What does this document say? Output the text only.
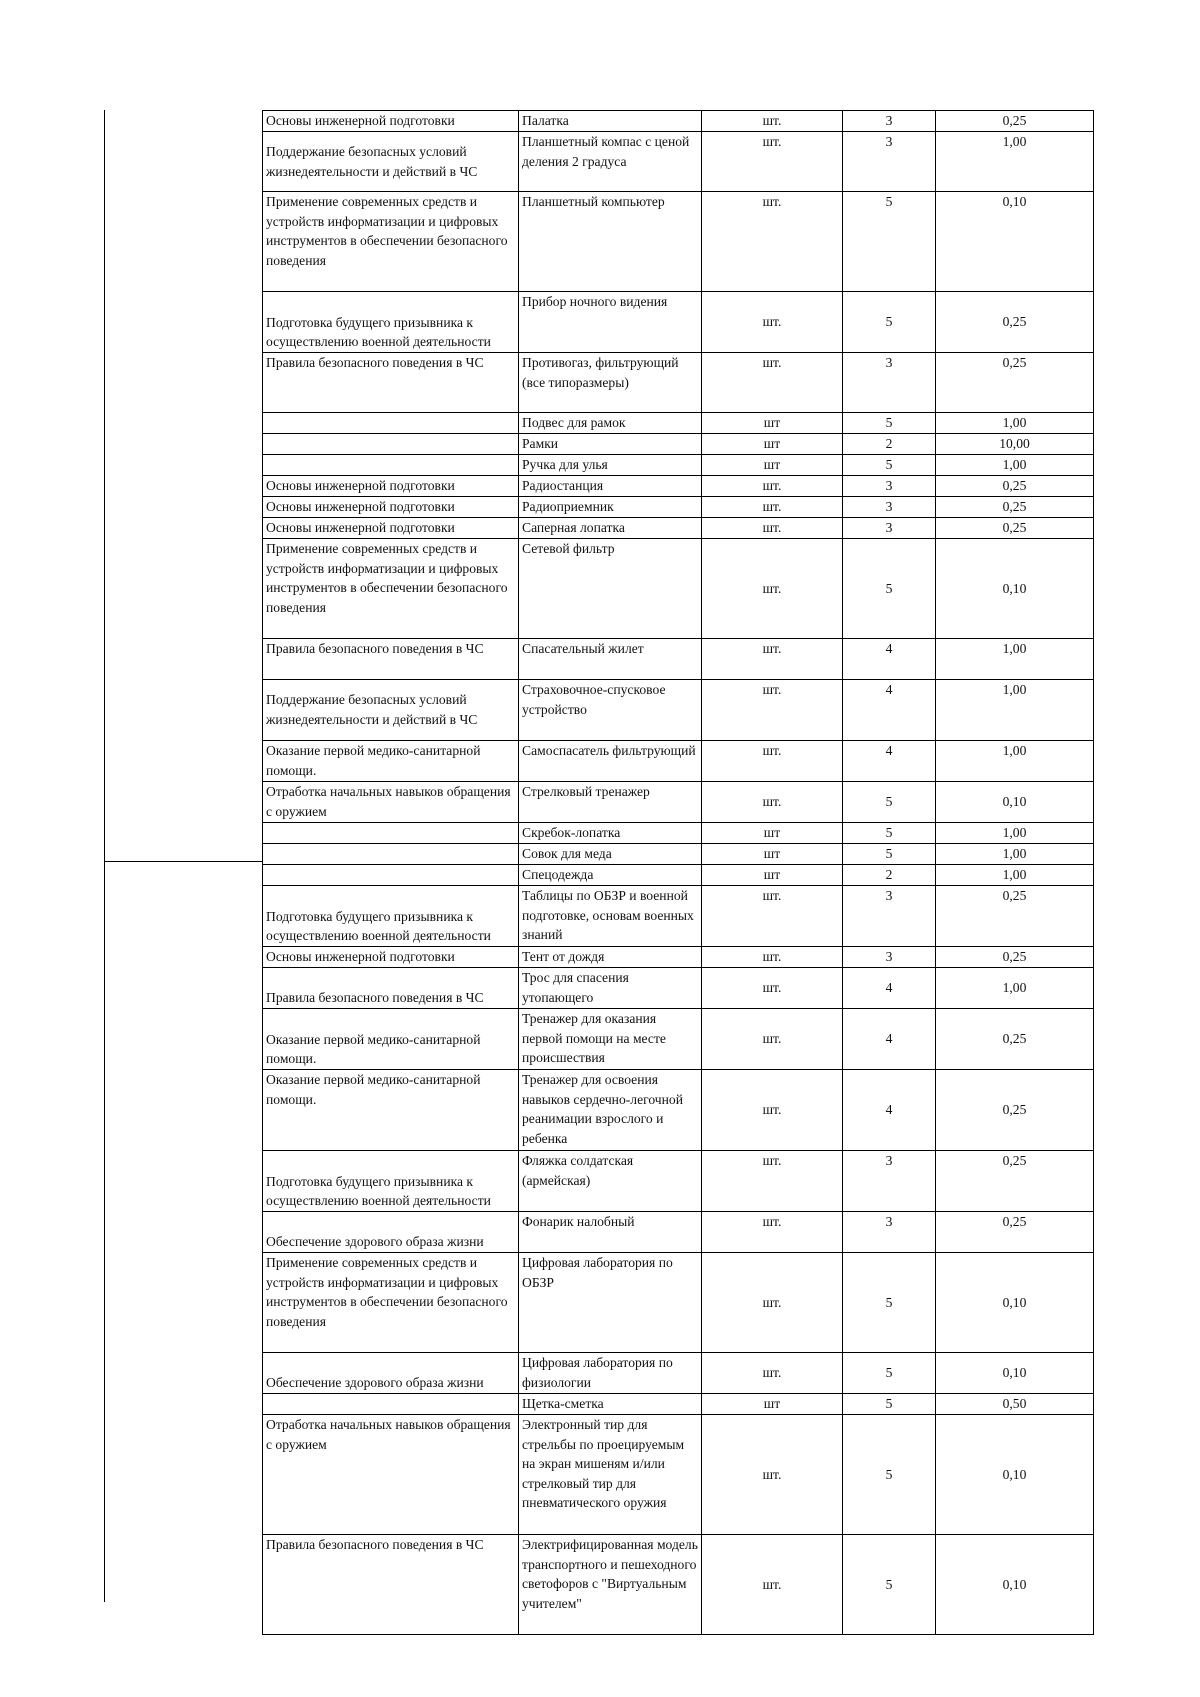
Основы инженерной подготовки	Палатка	шт.	3	0,25
Поддержание безопасных условий жизнедеятельности и действий в ЧС	Планшетный компас с ценой деления 2 градуса	шт.	3	1,00
Применение современных средств и устройств информатизации и цифровых инструментов в обеспечении безопасного поведения	Планшетный компьютер	шт.	5	0,10
Подготовка будущего призывника к осуществлению военной деятельности	Прибор ночного видения	шт.	5	0,25
Правила безопасного поведения в ЧС	Противогаз, фильтрующий (все типоразмеры)	шт.	3	0,25
	Подвес для рамок	шт	5	1,00
	Рамки	шт	2	10,00
	Ручка для улья	шт	5	1,00
Основы инженерной подготовки	Радиостанция	шт.	3	0,25
Основы инженерной подготовки	Радиоприемник	шт.	3	0,25
Основы инженерной подготовки	Саперная лопатка	шт.	3	0,25
Применение современных средств и устройств информатизации и цифровых инструментов в обеспечении безопасного поведения	Сетевой фильтр	шт.	5	0,10
Правила безопасного поведения в ЧС	Спасательный жилет	шт.	4	1,00
Поддержание безопасных условий жизнедеятельности и действий в ЧС	Страховочное-спусковое устройство	шт.	4	1,00
Оказание первой медико-санитарной помощи.	Самоспасатель фильтрующий	шт.	4	1,00
Отработка начальных навыков обращения с оружием	Стрелковый тренажер	шт.	5	0,10
	Скребок-лопатка	шт	5	1,00
	Совок для меда	шт	5	1,00
	Спецодежда	шт	2	1,00
Подготовка будущего призывника к осуществлению военной деятельности	Таблицы по ОБЗР и военной подготовке, основам военных знаний	шт.	3	0,25
Основы инженерной подготовки	Тент от дождя	шт.	3	0,25
Правила безопасного поведения в ЧС	Трос для спасения утопающего	шт.	4	1,00
Оказание первой медико-санитарной помощи.	Тренажер для оказания первой помощи на месте происшествия	шт.	4	0,25
Оказание первой медико-санитарной помощи.	Тренажер для освоения навыков сердечно-легочной реанимации взрослого и ребенка	шт.	4	0,25
Подготовка будущего призывника к осуществлению военной деятельности	Фляжка солдатская (армейская)	шт.	3	0,25
Обеспечение здорового образа жизни	Фонарик налобный	шт.	3	0,25
Применение современных средств и устройств информатизации и цифровых инструментов в обеспечении безопасного поведения	Цифровая лаборатория по ОБЗР	шт.	5	0,10
Обеспечение здорового образа жизни	Цифровая лаборатория по физиологии	шт.	5	0,10
	Щетка-сметка	шт	5	0,50
Отработка начальных навыков обращения с оружием	Электронный тир для стрельбы по проецируемым на экран мишеням и/или стрелковый тир для пневматического оружия	шт.	5	0,10
Правила безопасного поведения в ЧС	Электрифицированная модель транспортного и пешеходного светофоров с "Виртуальным учителем"	шт.	5	0,10
